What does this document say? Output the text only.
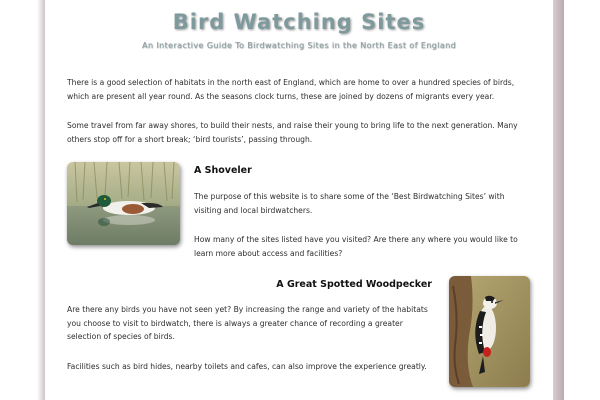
Bird Watching Sites

An Interactive Guide To Birdwatching Sites in the North East of England

There is a good selection of habitats in the north east of England, which are home to over a hundred species of birds, which are present all year round. As the seasons clock turns, these are joined by dozens of migrants every year.

Some travel from far away shores, to build their nests, and raise their young to bring life to the next generation. Many others stop off for a short break; ‘bird tourists’, passing through.

A Shoveler

The purpose of this website is to share some of the ‘Best Birdwatching Sites’ with visiting and local birdwatchers.

How many of the sites listed have you visited? Are there any where you would like to learn more about access and facilities?

A Great Spotted Woodpecker

Are there any birds you have not seen yet? By increasing the range and variety of the habitats you choose to visit to birdwatch, there is always a greater chance of recording a greater selection of species of birds.

Facilities such as bird hides, nearby toilets and cafes, can also improve the experience greatly.
